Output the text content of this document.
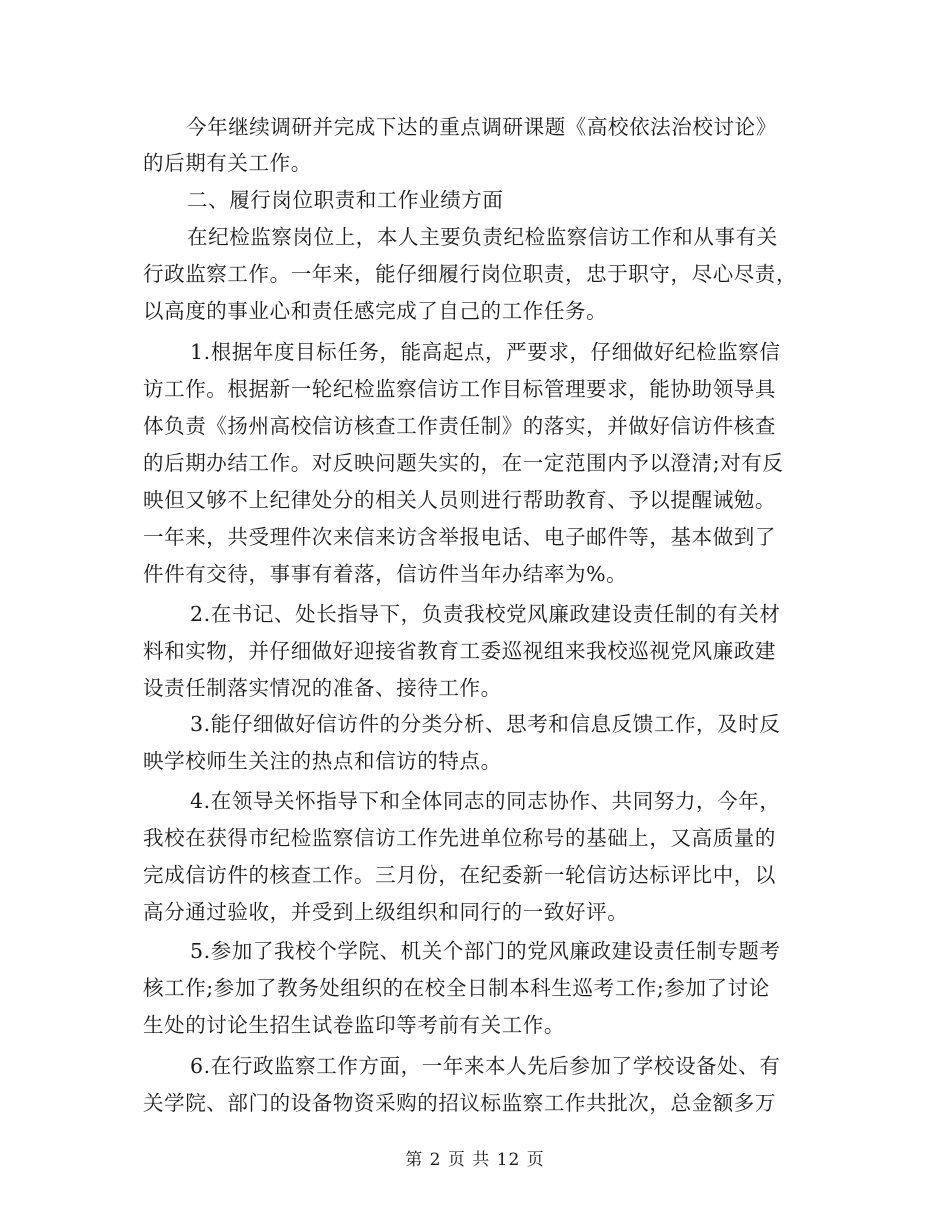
今年继续调研并完成下达的重点调研课题《高校依法治校讨论》
的后期有关工作。
二、履行岗位职责和工作业绩方面
在纪检监察岗位上，本人主要负责纪检监察信访工作和从事有关
行政监察工作。一年来，能仔细履行岗位职责，忠于职守，尽心尽责，
以高度的事业心和责任感完成了自己的工作任务。
1.根据年度目标任务，能高起点，严要求，仔细做好纪检监察信
访工作。根据新一轮纪检监察信访工作目标管理要求，能协助领导具
体负责《扬州高校信访核查工作责任制》的落实，并做好信访件核查
的后期办结工作。对反映问题失实的，在一定范围内予以澄清;对有反
映但又够不上纪律处分的相关人员则进行帮助教育、予以提醒诫勉。
一年来，共受理件次来信来访含举报电话、电子邮件等，基本做到了
件件有交待，事事有着落，信访件当年办结率为%。
2.在书记、处长指导下，负责我校党风廉政建设责任制的有关材
料和实物，并仔细做好迎接省教育工委巡视组来我校巡视党风廉政建
设责任制落实情况的准备、接待工作。
3.能仔细做好信访件的分类分析、思考和信息反馈工作，及时反
映学校师生关注的热点和信访的特点。
4.在领导关怀指导下和全体同志的同志协作、共同努力，今年，
我校在获得市纪检监察信访工作先进单位称号的基础上，又高质量的
完成信访件的核查工作。三月份，在纪委新一轮信访达标评比中，以
高分通过验收，并受到上级组织和同行的一致好评。
5.参加了我校个学院、机关个部门的党风廉政建设责任制专题考
核工作;参加了教务处组织的在校全日制本科生巡考工作;参加了讨论
生处的讨论生招生试卷监印等考前有关工作。
6.在行政监察工作方面，一年来本人先后参加了学校设备处、有
关学院、部门的设备物资采购的招议标监察工作共批次，总金额多万
第 2 页 共 12 页
